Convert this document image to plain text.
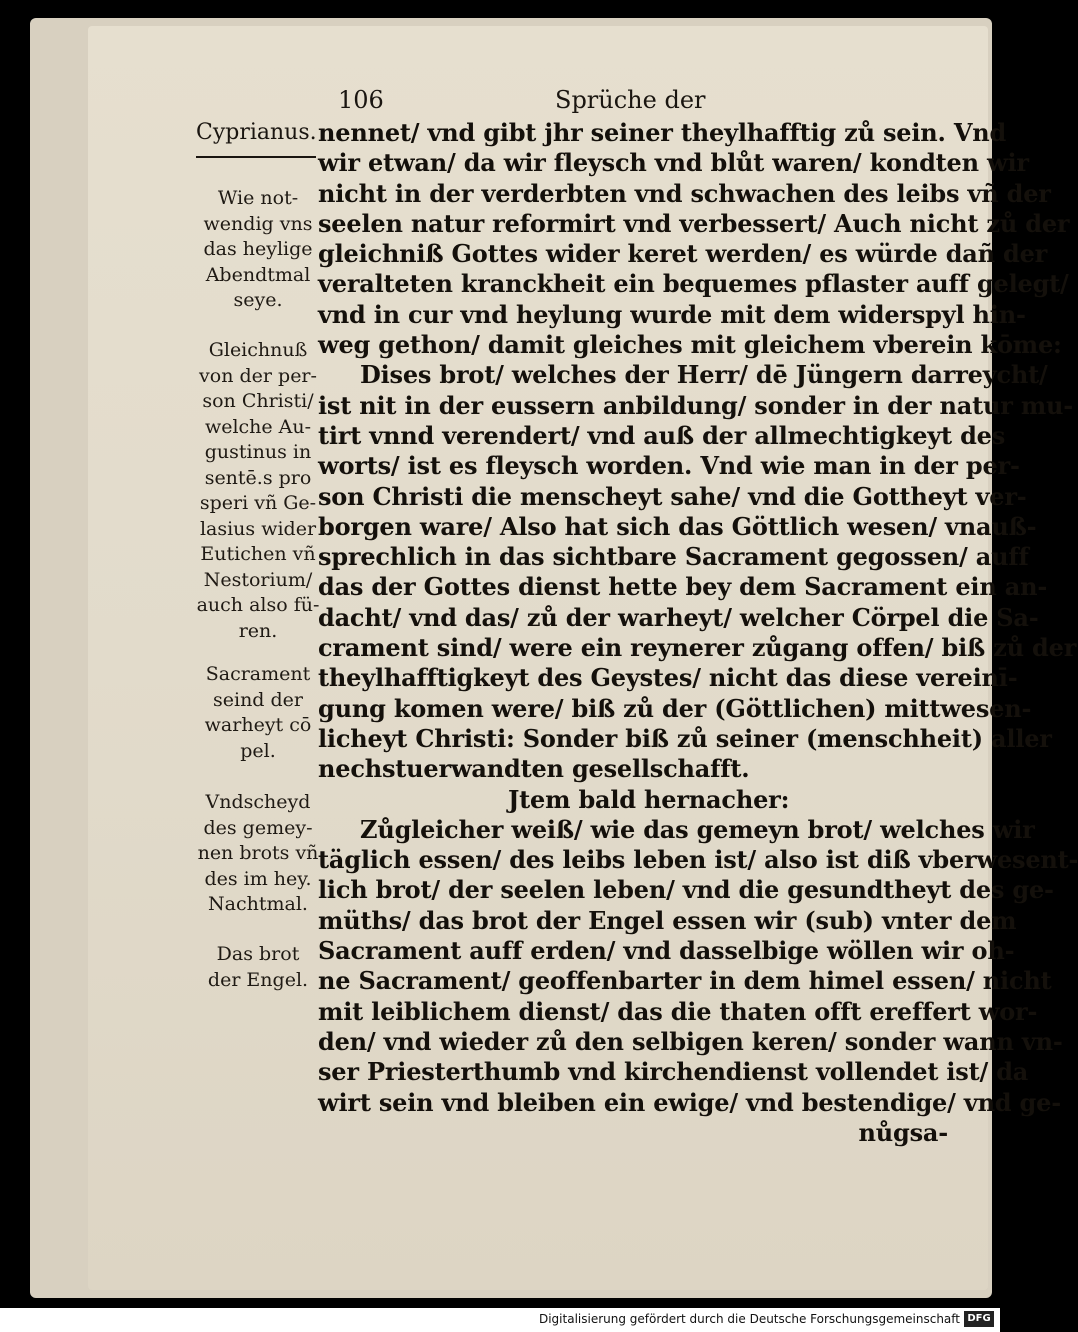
106	Sprüche der
Cyprianus.
Wie not-
wendig vns
das heylige
Abendtmal
seye.
Gleichnuß
von der per-
son Christi/
welche Au-
gustinus in
sentē.s pro
speri vñ Ge-
lasius wider
Eutichen vñ
Nestorium/
auch also fü-
ren.
Sacrament
seind der
warheyt cō
pel.
Vndscheyd
des gemey-
nen brots vñ
des im hey.
Nachtmal.
Das brot
der Engel.
nennet/ vnd gibt jhr seiner theylhafftig zů sein. Vnd
wir etwan/ da wir fleysch vnd blůt waren/ kondten wir
nicht in der verderbten vnd schwachen des leibs vñ der
seelen natur reformirt vnd verbessert/ Auch nicht zů der
gleichniß Gottes wider keret werden/ es würde dañ der
veralteten kranckheit ein bequemes pflaster auff gelegt/
vnd in cur vnd heylung wurde mit dem widerspyl hin-
weg gethon/ damit gleiches mit gleichem vberein kōme:
Dises brot/ welches der Herr/ dē Jüngern darreycht/
ist nit in der eussern anbildung/ sonder in der natur mu-
tirt vnnd verendert/ vnd auß der allmechtigkeyt des
worts/ ist es fleysch worden. Vnd wie man in der per-
son Christi die menscheyt sahe/ vnd die Gottheyt ver-
borgen ware/ Also hat sich das Göttlich wesen/ vnauß-
sprechlich in das sichtbare Sacrament gegossen/ auff
das der Gottes dienst hette bey dem Sacrament ein an-
dacht/ vnd das/ zů der warheyt/ welcher Cörpel die Sa-
crament sind/ were ein reynerer zůgang offen/ biß zů der
theylhafftigkeyt des Geystes/ nicht das diese vereinī-
gung komen were/ biß zů der (Göttlichen) mittwesen-
licheyt Christi: Sonder biß zů seiner (menschheit) aller
nechstuerwandten gesellschafft.
Jtem bald hernacher:
Zůgleicher weiß/ wie das gemeyn brot/ welches wir
täglich essen/ des leibs leben ist/ also ist diß vberwesent-
lich brot/ der seelen leben/ vnd die gesundtheyt des ge-
müths/ das brot der Engel essen wir (sub) vnter dem
Sacrament auff erden/ vnd dasselbige wöllen wir oh-
ne Sacrament/ geoffenbarter in dem himel essen/ nicht
mit leiblichem dienst/ das die thaten offt ereffert wor-
den/ vnd wieder zů den selbigen keren/ sonder wann vn-
ser Priesterthumb vnd kirchendienst vollendet ist/ da
wirt sein vnd bleiben ein ewige/ vnd bestendige/ vnd ge-
nůgsa-
Digitalisierung gefördert durch die Deutsche Forschungsgemeinschaft DFG
